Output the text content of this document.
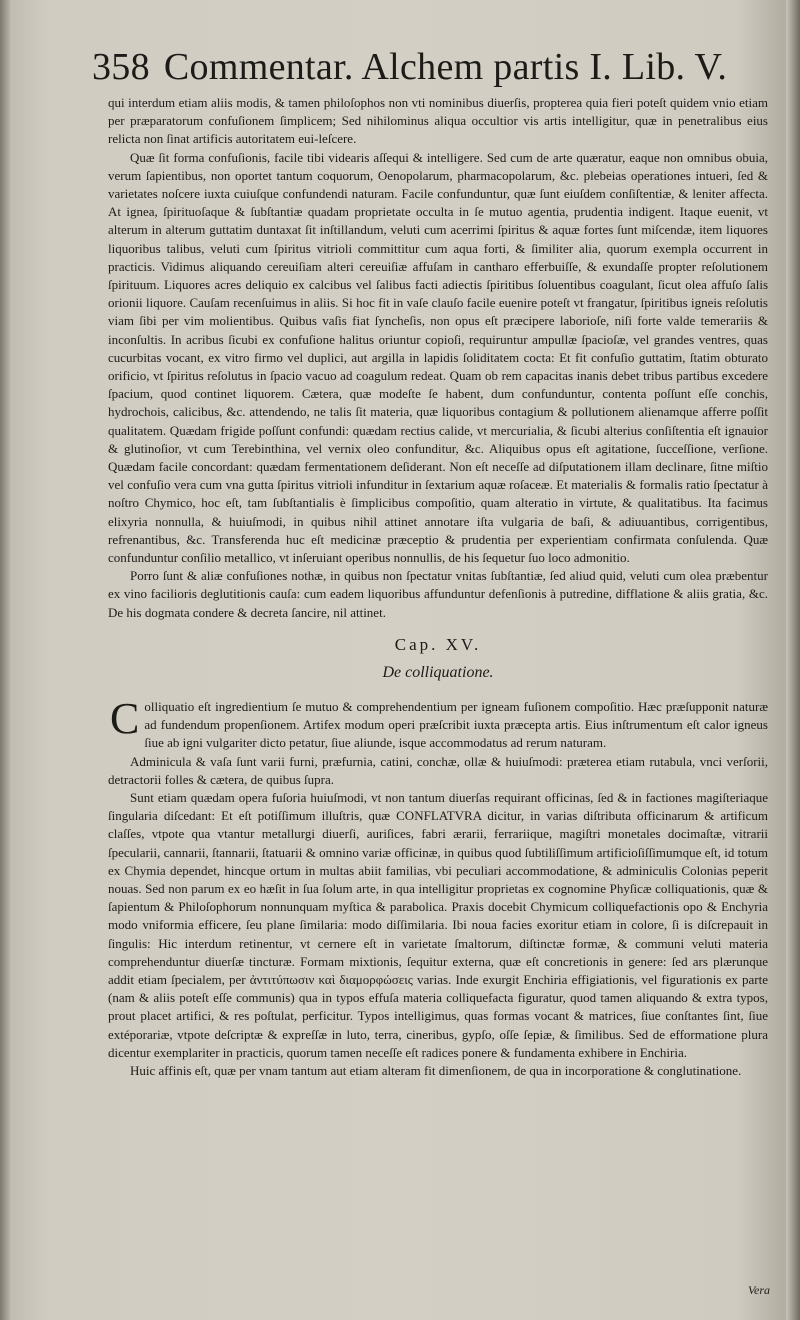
358 Commentar. Alchem partis I. Lib. V.

qui interdum etiam aliis modis, & tamen philoſophos non vti nominibus diuerſis, propterea quia fieri poteſt quidem vnio etiam per præparatorum confuſionem ſimplicem; Sed nihilominus aliqua occultior vis artis intelligitur, quæ in penetralibus eius relicta non ſinat artificis autoritatem eui-leſcere.

Quæ ſit forma confuſionis, facile tibi videaris aſſequi & intelligere. Sed cum de arte quæratur, eaque non omnibus obuia, verum ſapientibus, non oportet tantum coquorum, Oenopolarum, pharmacopolarum, &c. plebeias operationes intueri, ſed & varietates noſcere iuxta cuiuſque confundendi naturam. Facile confunduntur, quæ ſunt eiuſdem conſiſtentiæ, & leniter affecta. At ignea, ſpirituoſaque & ſubſtantiæ quadam proprietate occulta in ſe mutuo agentia, prudentia indigent. Itaque euenit, vt alterum in alterum guttatim duntaxat ſit inſtillandum, veluti cum acerrimi ſpiritus & aquæ fortes ſunt miſcendæ, item liquores liquoribus talibus, veluti cum ſpiritus vitrioli committitur cum aqua forti, & ſimiliter alia, quorum exempla occurrent in practicis. Vidimus aliquando cereuiſiam alteri cereuiſiæ affuſam in cantharo efferbuiſſe, & exundaſſe propter reſolutionem ſpirituum. Liquores acres deliquio ex calcibus vel ſalibus facti adiectis ſpiritibus ſoluentibus coagulant, ſicut olea affuſo ſalis orionii liquore. Cauſam recenſuimus in aliis. Si hoc fit in vaſe clauſo facile euenire poteſt vt frangatur, ſpiritibus igneis reſolutis viam ſibi per vim molientibus. Quibus vaſis fiat ſyncheſis, non opus eſt præcipere laborioſe, niſi forte valde temerariis & inconſultis. In acribus ſicubi ex confuſione halitus oriuntur copioſi, requiruntur ampullæ ſpacioſæ, vel grandes ventres, quas cucurbitas vocant, ex vitro firmo vel duplici, aut argilla in lapidis ſoliditatem cocta: Et fit confuſio guttatim, ſtatim obturato orificio, vt ſpiritus reſolutus in ſpacio vacuo ad coagulum redeat. Quam ob rem capacitas inanis debet tribus partibus excedere ſpacium, quod continet liquorem. Cætera, quæ modeſte ſe habent, dum confunduntur, contenta poſſunt eſſe conchis, hydrochois, calicibus, &c. attendendo, ne talis ſit materia, quæ liquoribus contagium & pollutionem alienamque afferre poſſit qualitatem. Quædam frigide poſſunt confundi: quædam rectius calide, vt mercurialia, & ſicubi alterius conſiſtentia eſt ignauior & glutinoſior, vt cum Terebinthina, vel vernix oleo confunditur, &c. Aliquibus opus eſt agitatione, ſucceſſione, verſione. Quædam facile concordant: quædam fermentationem deſiderant. Non eſt neceſſe ad diſputationem illam declinare, ſitne miſtio vel confuſio vera cum vna gutta ſpiritus vitrioli infunditur in ſextarium aquæ roſaceæ. Et materialis & formalis ratio ſpectatur à noſtro Chymico, hoc eſt, tam ſubſtantialis è ſimplicibus compoſitio, quam alteratio in virtute, & qualitatibus. Ita facimus elixyria nonnulla, & huiuſmodi, in quibus nihil attinet annotare iſta vulgaria de baſi, & adiuuantibus, corrigentibus, refrenantibus, &c. Transferenda huc eſt medicinæ præceptio & prudentia per experientiam confirmata conſulenda. Quæ confunduntur conſilio metallico, vt inſeruiant operibus nonnullis, de his ſequetur ſuo loco admonitio.

Porro ſunt & aliæ confuſiones nothæ, in quibus non ſpectatur vnitas ſubſtantiæ, ſed aliud quid, veluti cum olea præbentur ex vino facilioris deglutitionis cauſa: cum eadem liquoribus affunduntur defenſionis à putredine, difflatione & aliis gratia, &c. De his dogmata condere & decreta ſancire, nil attinet.

Cap. XV.
De colliquatione.

Colliquatio eſt ingredientium ſe mutuo & comprehendentium per igneam fuſionem compoſitio. Hæc præſupponit naturæ ad fundendum propenſionem. Artifex modum operi præſcribit iuxta præcepta artis. Eius inſtrumentum eſt calor igneus ſiue ab igni vulgariter dicto petatur, ſiue aliunde, isque accommodatus ad rerum naturam.

Adminicula & vaſa ſunt varii furni, præfurnia, catini, conchæ, ollæ & huiuſmodi: præterea etiam rutabula, vnci verſorii, detractorii folles & cætera, de quibus ſupra.

Sunt etiam quædam opera fuſoria huiuſmodi, vt non tantum diuerſas requirant officinas, ſed & in factiones magiſteriaque ſingularia diſcedant: Et eſt potiſſimum illuſtris, quæ CONFLATVRA dicitur, in varias diſtributa officinarum & artificum claſſes, vtpote qua vtantur metallurgi diuerſi, auriſices, fabri ærarii, ferrariique, magiſtri monetales docimaſtæ, vitrarii ſpecularii, cannarii, ſtannarii, ſtatuarii & omnino variæ officinæ, in quibus quod ſubtiliſſimum artificioſiſſimumque eſt, id totum ex Chymia dependet, hincque ortum in multas abiit familias, vbi peculiari accommodatione, & adminiculis Colonias peperit nouas. Sed non parum ex eo hæſit in ſua ſolum arte, in qua intelligitur proprietas ex cognomine Phyſicæ colliquationis, quæ & ſapientum & Philoſophorum nonnunquam myſtica & parabolica. Praxis docebit Chymicum colliquefactionis opo & Enchyria modo vniformia efficere, ſeu plane ſimilaria: modo diſſimilaria. Ibi noua facies exoritur etiam in colore, ſi is diſcrepauit in ſingulis: Hic interdum retinentur, vt cernere eſt in varietate ſmaltorum, diſtinctæ formæ, & communi veluti materia comprehenduntur diuerſæ tincturæ. Formam mixtionis, ſequitur externa, quæ eſt concretionis in genere: ſed ars plærunque addit etiam ſpecialem, per ἀντιτύπωσιν καὶ διαμορφώσεις varias. Inde exurgit Enchiria effigiationis, vel figurationis ex parte (nam & aliis poteſt eſſe communis) qua in typos effuſa materia colliquefacta figuratur, quod tamen aliquando & extra typos, prout placet artifici, & res poſtulat, perficitur. Typos intelligimus, quas formas vocant & matrices, ſiue conſtantes ſint, ſiue extéporariæ, vtpote deſcriptæ & expreſſæ in luto, terra, cineribus, gypſo, oſſe ſepiæ, & ſimilibus. Sed de efformatione plura dicentur exemplariter in practicis, quorum tamen neceſſe eſt radices ponere & fundamenta exhibere in Enchiria.

Huic affinis eſt, quæ per vnam tantum aut etiam alteram fit dimenſionem, de qua in incorporatione & conglutinatione.

Vera
